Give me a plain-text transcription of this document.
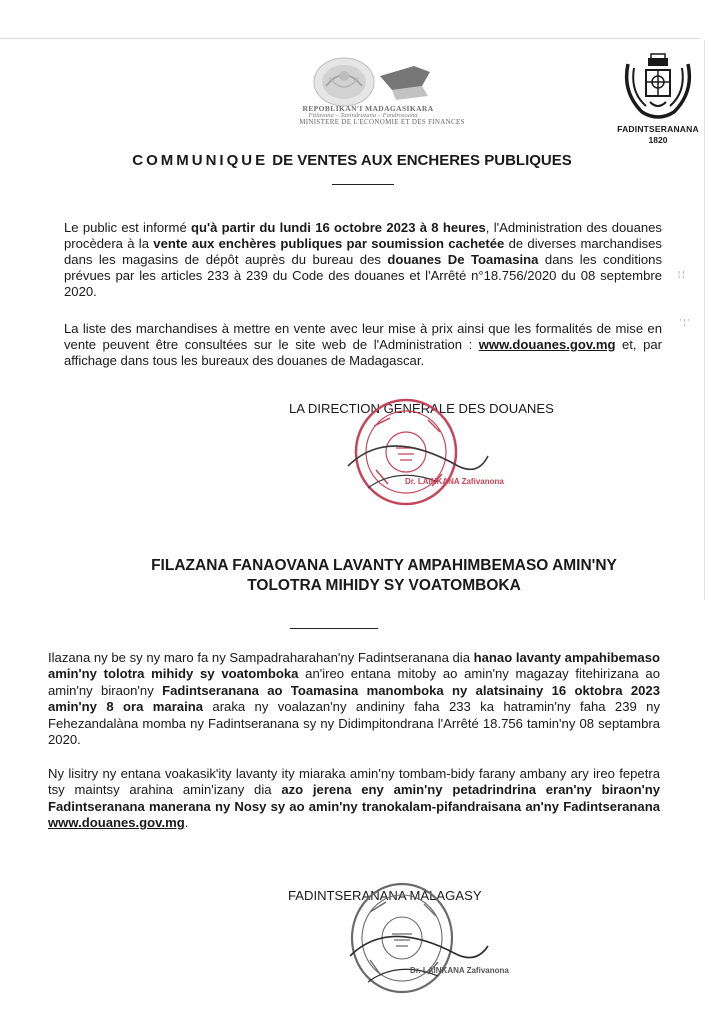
¦ ¦
' ¦ '
REPOBLIKAN'I MADAGASIKARA
Fitiavana – Tanindrazana – Fandrosoana
MINISTERE DE L'ECONOMIE ET DES FINANCES
FADINTSERANANA
1820
COMMUNIQUE DE VENTES AUX ENCHERES PUBLIQUES
Le public est informé qu'à partir du lundi 16 octobre 2023 à 8 heures, l'Administration des douanes procèdera à la vente aux enchères publiques par soumission cachetée de diverses marchandises dans les magasins de dépôt auprès du bureau des douanes De Toamasina dans les conditions prévues par les articles 233 à 239 du Code des douanes et l'Arrêté n°18.756/2020 du 08 septembre 2020.
La liste des marchandises à mettre en vente avec leur mise à prix ainsi que les formalités de mise en vente peuvent être consultées sur le site web de l'Administration : www.douanes.gov.mg et, par affichage dans tous les bureaux des douanes de Madagascar.
LA DIRECTION GENERALE DES DOUANES
Dr. LAINKANA Zafivanona
FILAZANA FANAOVANA LAVANTY AMPAHIMBEMASO AMIN'NY
TOLOTRA MIHIDY SY VOATOMBOKA
Ilazana ny be sy ny maro fa ny Sampadraharahan'ny Fadintseranana dia hanao lavanty ampahibemaso amin'ny tolotra mihidy sy voatomboka an'ireo entana mitoby ao amin'ny magazay fitehirizana ao amin'ny biraon'ny Fadintseranana ao Toamasina manomboka ny alatsinainy 16 oktobra 2023 amin'ny 8 ora maraina araka ny voalazan'ny andininy faha 233 ka hatramin'ny faha 239 ny Fehezandalàna momba ny Fadintseranana sy ny Didimpitondrana l'Arrêté 18.756 tamin'ny 08 septambra 2020.
Ny lisitry ny entana voakasik'ity lavanty ity miaraka amin'ny tombam-bidy farany ambany ary ireo fepetra tsy maintsy arahina amin'izany dia azo jerena eny amin'ny petadrindrina eran'ny biraon'ny Fadintseranana manerana ny Nosy sy ao amin'ny tranokalam-pifandraisana an'ny Fadintseranana www.douanes.gov.mg.
FADINTSERANANA MALAGASY
Dr. LAINKANA Zafivanona
